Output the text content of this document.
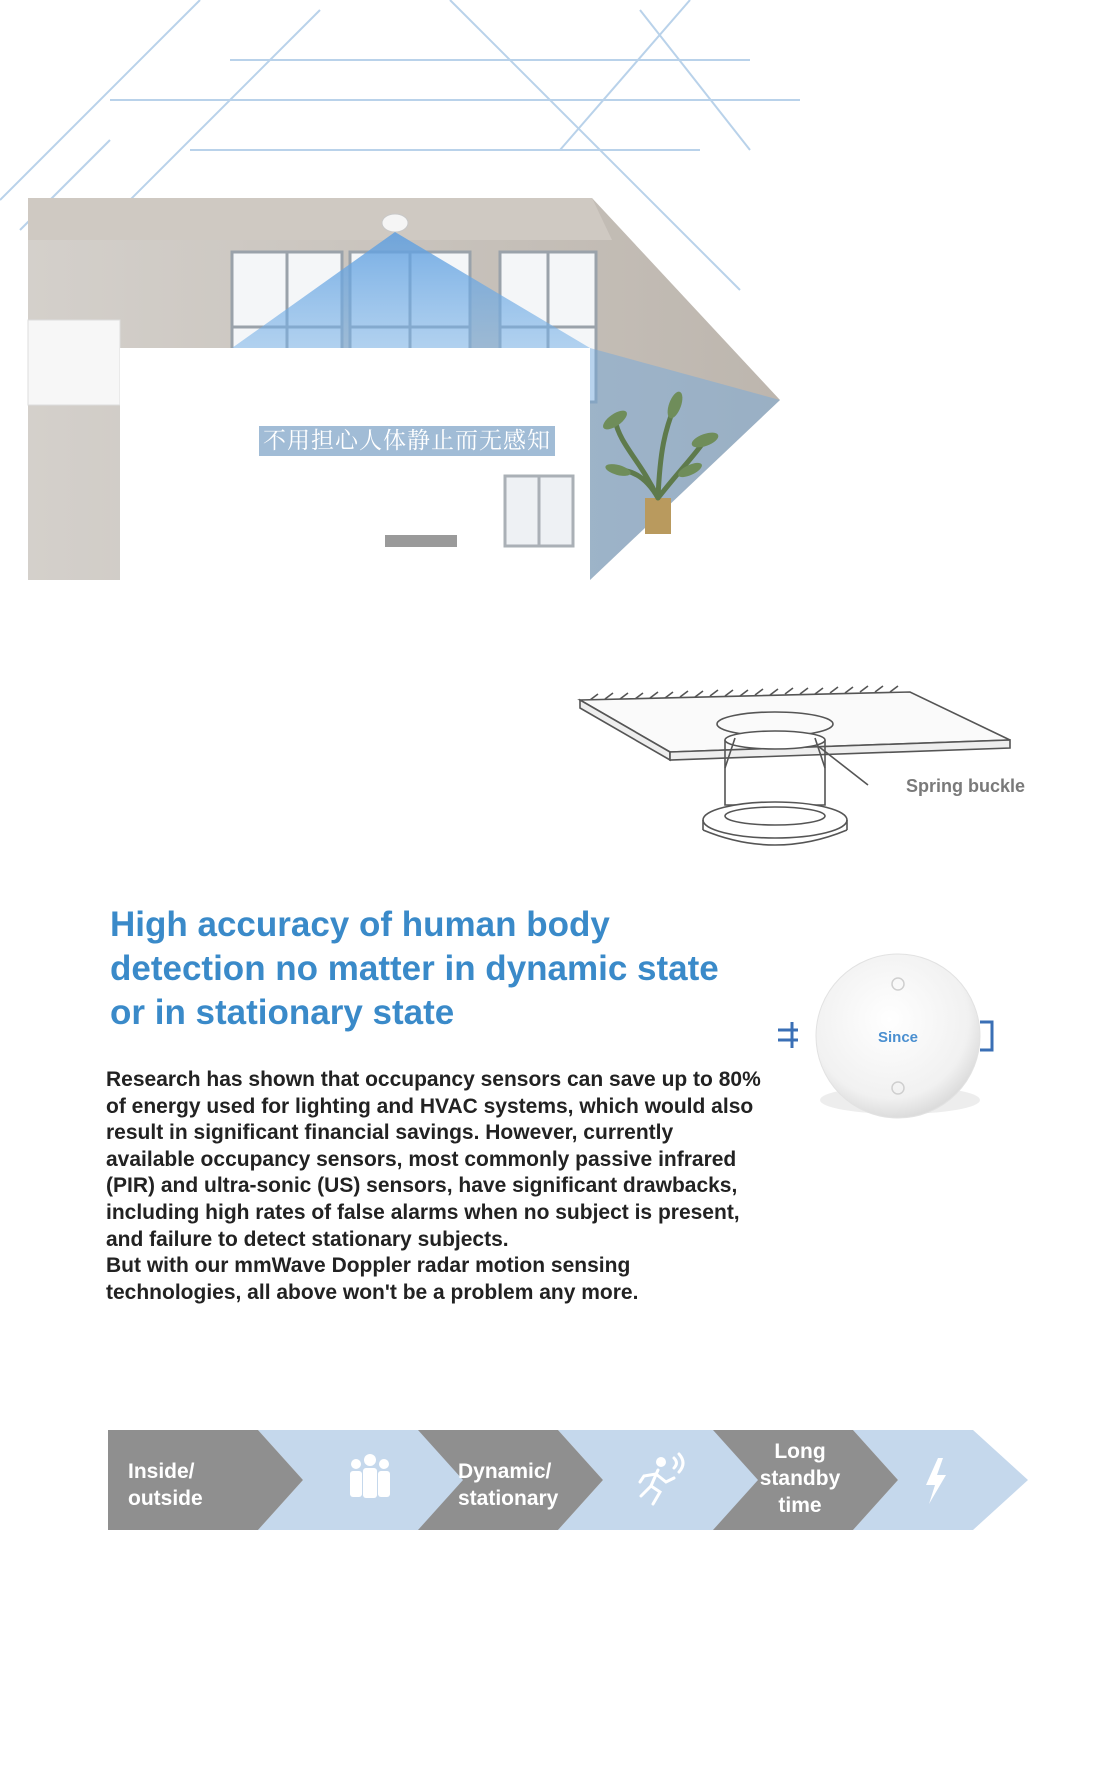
不用担心人体静止而无感知
Spring buckle
High accuracy of human body
detection no matter in dynamic state
or in stationary state

Research has shown that occupancy sensors can save up to 80% of energy used for lighting and HVAC systems, which would also result in significant financial savings. However, currently available occupancy sensors, most commonly passive infrared (PIR) and ultra-sonic (US) sensors, have significant drawbacks, including high rates of false alarms when no subject is present, and failure to detect stationary subjects.

But with our mmWave Doppler radar motion sensing technologies, all above won't be a problem any more.

Since
Inside/
outside
Dynamic/
stationary
Long
standby
time
